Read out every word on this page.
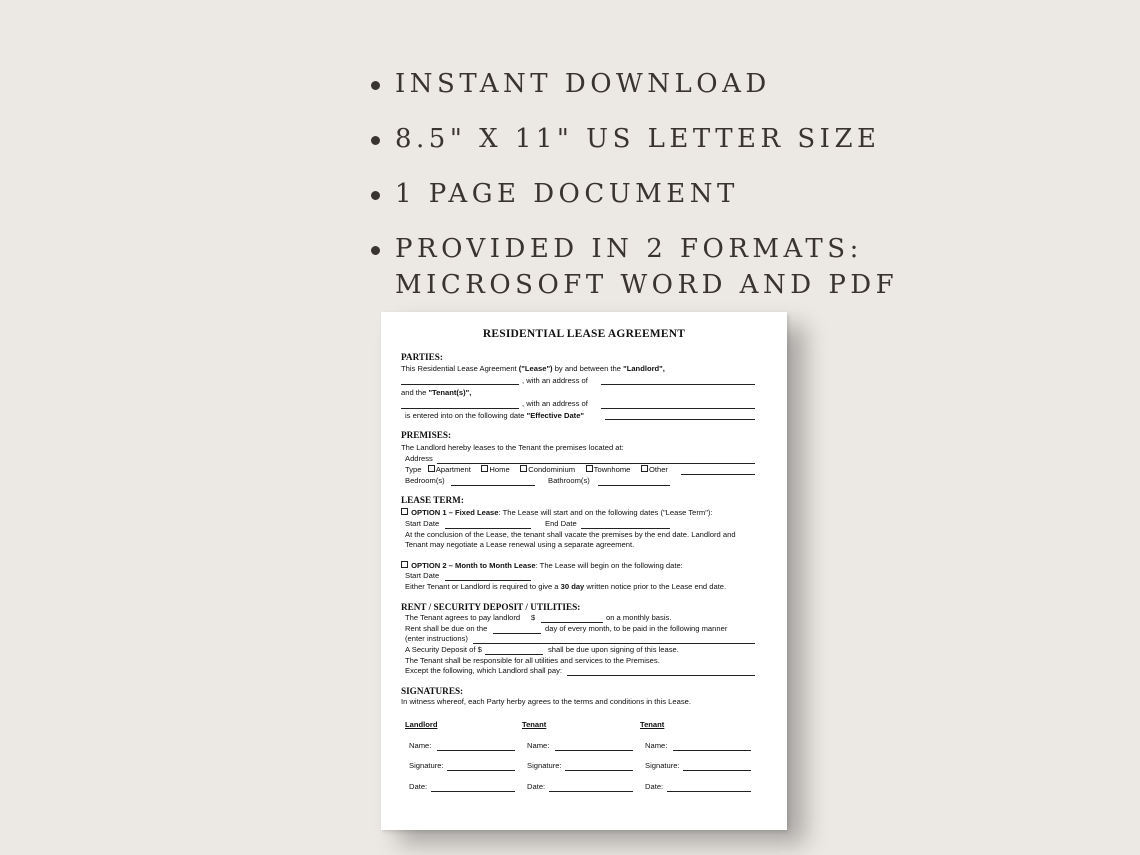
INSTANT DOWNLOAD
8.5" X 11" US LETTER SIZE
1 PAGE DOCUMENT
PROVIDED IN 2 FORMATS:
MICROSOFT WORD AND PDF
RESIDENTIAL LEASE AGREEMENT
PARTIES:
This Residential Lease Agreement ("Lease") by and between the "Landlord",
, with an address of
and the "Tenant(s)",
, with an address of
is entered into on the following date "Effective Date"
PREMISES:
The Landlord hereby leases to the Tenant the premises located at:
Address
Type Apartment Home Condominium Townhome Other
Bedroom(s)	Bathroom(s)
LEASE TERM:
OPTION 1 – Fixed Lease: The Lease will start and on the following dates ("Lease Term"):
Start Date	End Date
At the conclusion of the Lease, the tenant shall vacate the premises by the end date. Landlord and
Tenant may negotiate a Lease renewal using a separate agreement.
OPTION 2 – Month to Month Lease: The Lease will begin on the following date:
Start Date
Either Tenant or Landlord is required to give a 30 day written notice prior to the Lease end date.
RENT / SECURITY DEPOSIT / UTILITIES:
The Tenant agrees to pay landlord $	on a monthly basis.
Rent shall be due on the	day of every month, to be paid in the following manner
(enter instructions)
A Security Deposit of $	shall be due upon signing of this lease.
The Tenant shall be responsible for all utilities and services to the Premises.
Except the following, which Landlord shall pay:
SIGNATURES:
In witness whereof, each Party herby agrees to the terms and conditions in this Lease.
Landlord	Tenant	Tenant
Name:	Name:	Name:
Signature:	Signature:	Signature:
Date:	Date:	Date:
